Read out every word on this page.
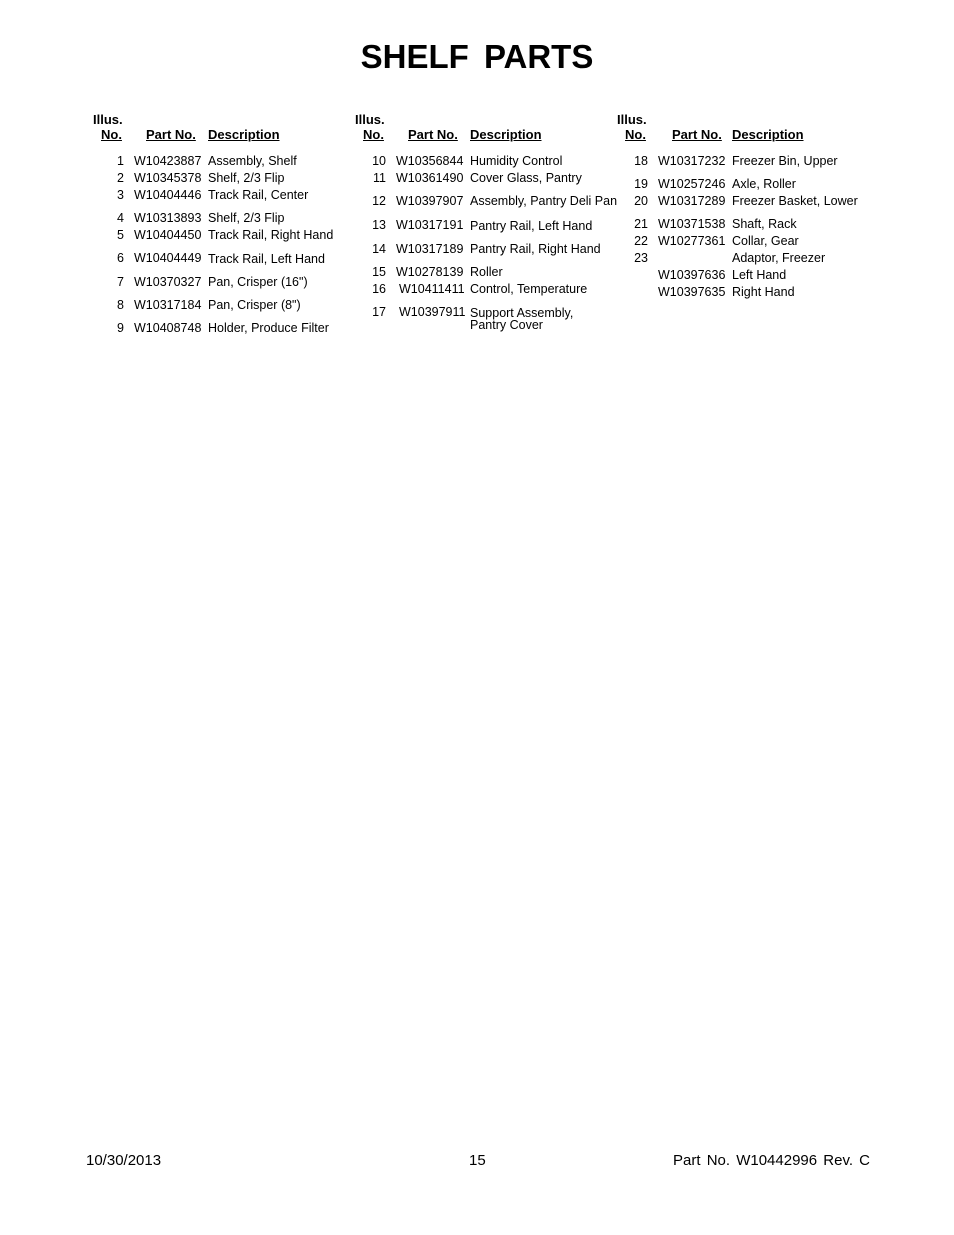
SHELF PARTS
Illus.
No. Part No. Description
1 W10423887 Assembly, Shelf
2 W10345378 Shelf, 2/3 Flip
3 W10404446 Track Rail, Center
4 W10313893 Shelf, 2/3 Flip
5 W10404450 Track Rail, Right Hand
6 W10404449 Track Rail, Left Hand
7 W10370327 Pan, Crisper (16")
8 W10317184 Pan, Crisper (8")
9 W10408748 Holder, Produce Filter
Illus.
No. Part No. Description
10 W10356844 Humidity Control
11 W10361490 Cover Glass, Pantry
12 W10397907 Assembly, Pantry Deli Pan
13 W10317191 Pantry Rail, Left Hand
14 W10317189 Pantry Rail, Right Hand
15 W10278139 Roller
16 W10411411 Control, Temperature
17 W10397911 Support Assembly, Pantry Cover
Illus.
No. Part No. Description
18 W10317232 Freezer Bin, Upper
19 W10257246 Axle, Roller
20 W10317289 Freezer Basket, Lower
21 W10371538 Shaft, Rack
22 W10277361 Collar, Gear
23	Adaptor, Freezer
W10397636 Left Hand
W10397635 Right Hand
10/30/2013	15	Part No. W10442996 Rev. C
